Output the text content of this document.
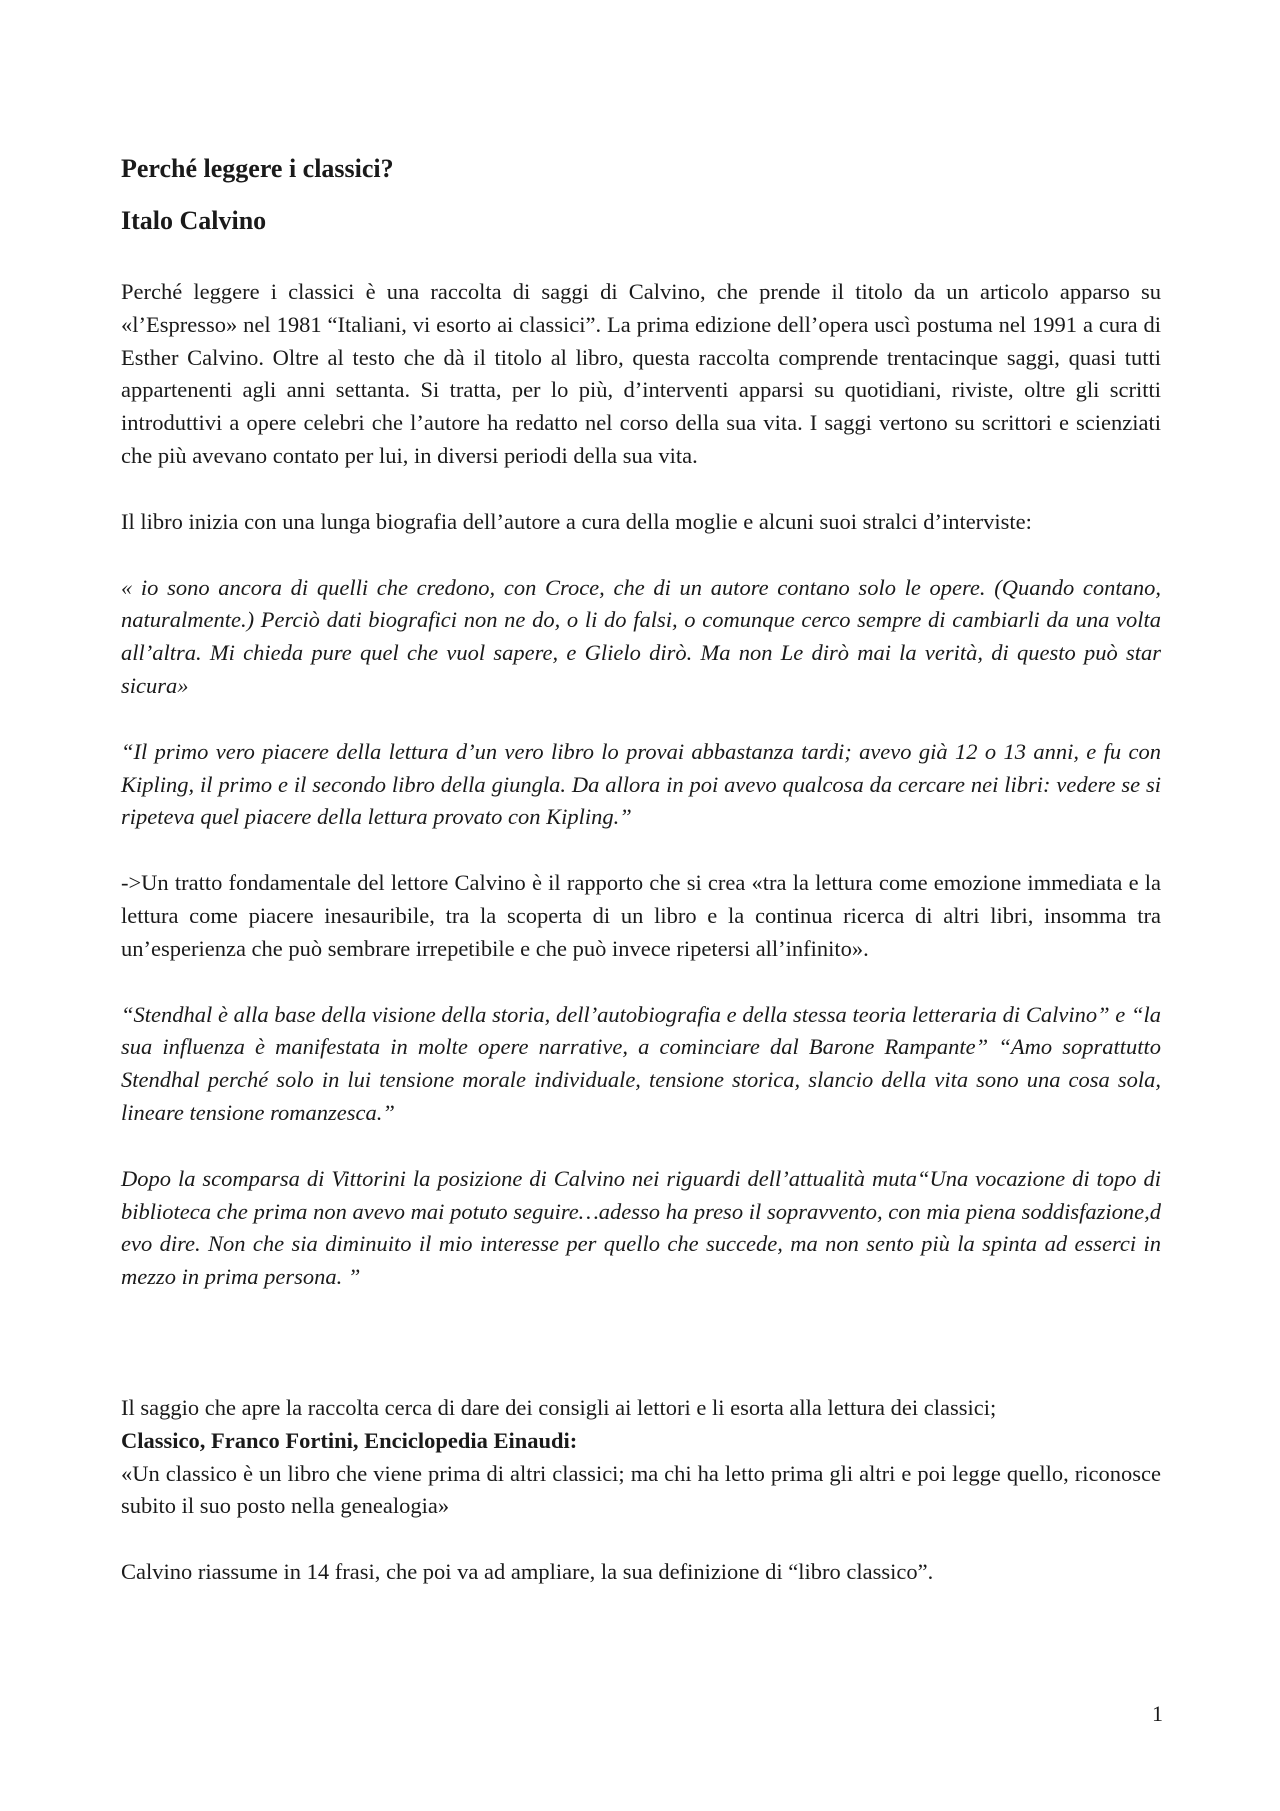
Perché leggere i classici?
Italo Calvino

Perché leggere i classici è una raccolta di saggi di Calvino, che prende il titolo da un articolo apparso su «l’Espresso» nel 1981 “Italiani, vi esorto ai classici”. La prima edizione dell’opera uscì postuma nel 1991 a cura di Esther Calvino. Oltre al testo che dà il titolo al libro, questa raccolta comprende trentacinque saggi, quasi tutti appartenenti agli anni settanta. Si tratta, per lo più, d’interventi apparsi su quotidiani, riviste, oltre gli scritti introduttivi a opere celebri che l’autore ha redatto nel corso della sua vita. I saggi vertono su scrittori e scienziati che più avevano contato per lui, in diversi periodi della sua vita.

Il libro inizia con una lunga biografia dell’autore a cura della moglie e alcuni suoi stralci d’interviste:

« io sono ancora di quelli che credono, con Croce, che di un autore contano solo le opere. (Quando contano, naturalmente.) Perciò dati biografici non ne do, o li do falsi, o comunque cerco sempre di cambiarli da una volta all’altra. Mi chieda pure quel che vuol sapere, e Glielo dirò. Ma non Le dirò mai la verità, di questo può star sicura»

“Il primo vero piacere della lettura d’un vero libro lo provai abbastanza tardi; avevo già 12 o 13 anni, e fu con Kipling, il primo e il secondo libro della giungla. Da allora in poi avevo qualcosa da cercare nei libri: vedere se si ripeteva quel piacere della lettura provato con Kipling.”

->Un tratto fondamentale del lettore Calvino è il rapporto che si crea «tra la lettura come emozione immediata e la lettura come piacere inesauribile, tra la scoperta di un libro e la continua ricerca di altri libri, insomma tra un’esperienza che può sembrare irrepetibile e che può invece ripetersi all’infinito».

“Stendhal è alla base della visione della storia, dell’autobiografia e della stessa teoria letteraria di Calvino” e “la sua influenza è manifestata in molte opere narrative, a cominciare dal Barone Rampante” “Amo soprattutto Stendhal perché solo in lui tensione morale individuale, tensione storica, slancio della vita sono una cosa sola, lineare tensione romanzesca.”

Dopo la scomparsa di Vittorini la posizione di Calvino nei riguardi dell’attualità muta“Una vocazione di topo di biblioteca che prima non avevo mai potuto seguire…adesso ha preso il sopravvento, con mia piena soddisfazione,d evo dire. Non che sia diminuito il mio interesse per quello che succede, ma non sento più la spinta ad esserci in mezzo in prima persona. ”

Il saggio che apre la raccolta cerca di dare dei consigli ai lettori e li esorta alla lettura dei classici;

Classico, Franco Fortini, Enciclopedia Einaudi:

«Un classico è un libro che viene prima di altri classici; ma chi ha letto prima gli altri e poi legge quello, riconosce subito il suo posto nella genealogia»

Calvino riassume in 14 frasi, che poi va ad ampliare, la sua definizione di “libro classico”.

1
